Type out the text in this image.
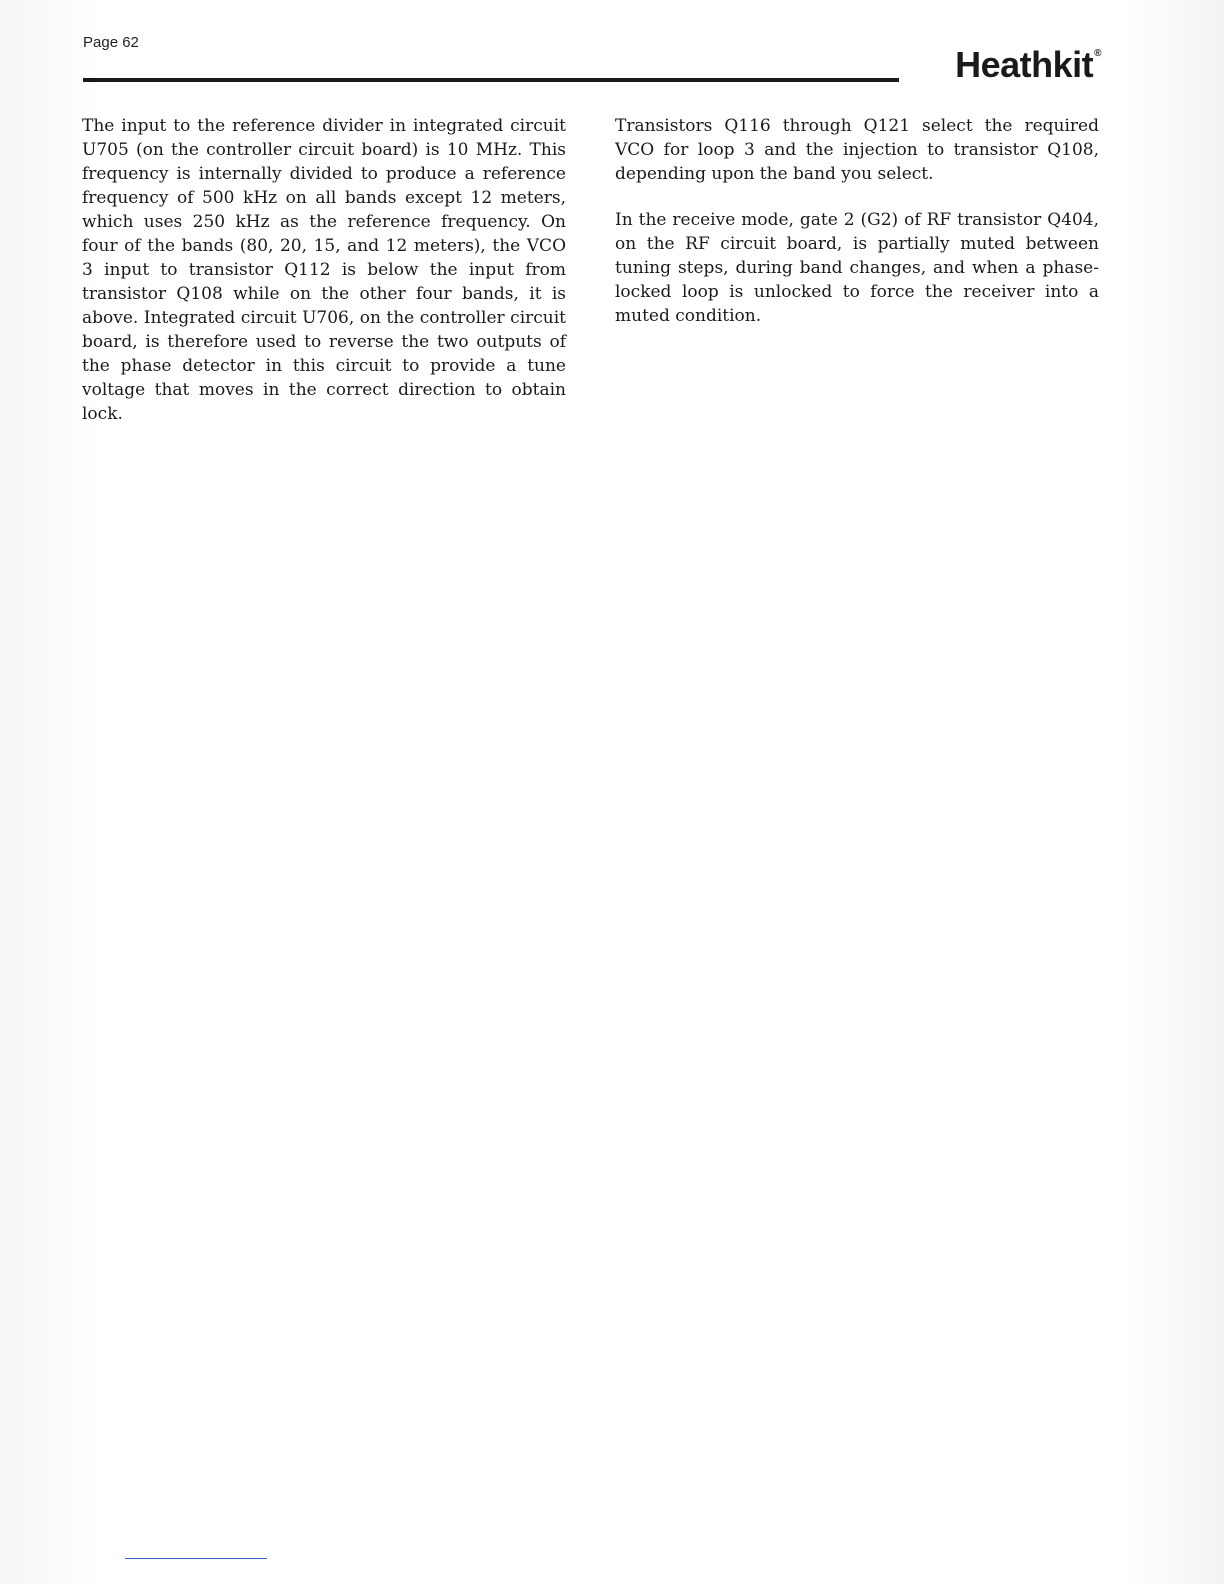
Page 62
Heathkit®

The input to the reference divider in integrated circuit U705 (on the controller circuit board) is 10 MHz. This frequency is internally divided to produce a reference frequency of 500 kHz on all bands except 12 meters, which uses 250 kHz as the reference frequency. On four of the bands (80, 20, 15, and 12 meters), the VCO 3 input to transistor Q112 is below the input from transistor Q108 while on the other four bands, it is above. Integrated circuit U706, on the controller circuit board, is therefore used to reverse the two outputs of the phase detector in this circuit to provide a tune voltage that moves in the correct direction to obtain lock.

Transistors Q116 through Q121 select the required VCO for loop 3 and the injection to transistor Q108, depending upon the band you select.

In the receive mode, gate 2 (G2) of RF transistor Q404, on the RF circuit board, is partially muted between tuning steps, during band changes, and when a phase-locked loop is unlocked to force the receiver into a muted condition.
